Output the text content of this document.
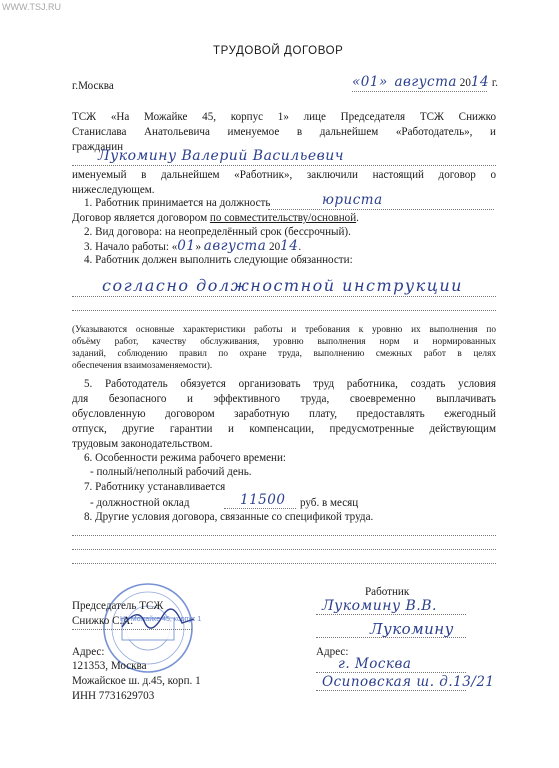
WWW.TSJ.RU
ТРУДОВОЙ ДОГОВОР
г.Москва	«01» августа 2014 г.
ТСЖ «На Можайке 45, корпус 1» лице Председателя ТСЖ Снижко
Станислава Анатольевича именуемое в дальнейшем «Работодатель», и
гражданин
Лукомину Валерий Васильевич
именуемый в дальнейшем «Работник», заключили настоящий договор о
нижеследующем.
1. Работник принимается на должность	юриста
Договор является договором по совместительству/основной.
2. Вид договора: на неопределённый срок (бессрочный).
3. Начало работы: «01» августа 2014.
4. Работник должен выполнить следующие обязанности:
согласно должностной инструкции
(Указываются основные характеристики работы и требования к уровню их выполнения по
объёму работ, качеству обслуживания, уровню выполнения норм и нормированных
заданий, соблюдению правил по охране труда, выполнению смежных работ в целях
обеспечения взаимозаменяемости).
5. Работодатель обязуется организовать труд работника, создать условия
для безопасного и эффективного труда, своевременно выплачивать
обусловленную договором заработную плату, предоставлять ежегодный
отпуск, другие гарантии и компенсации, предусмотренные действующим
трудовым законодательством.
6. Особенности режима рабочего времени:
- полный/неполный рабочий день.
7. Работнику устанавливается
- должностной оклад	11500 руб. в месяц
8. Другие условия договора, связанные со спецификой труда.
На Можайке 45, корпус 1
Председатель ТСЖ
Снижко С.А.
Адрес:
121353, Москва
Можайское ш. д.45, корп. 1
ИНН 7731629703
Работник
Лукомину В.В.
Лукомину
Адрес:
г. Москва
Осиповская ш. д.13/21
